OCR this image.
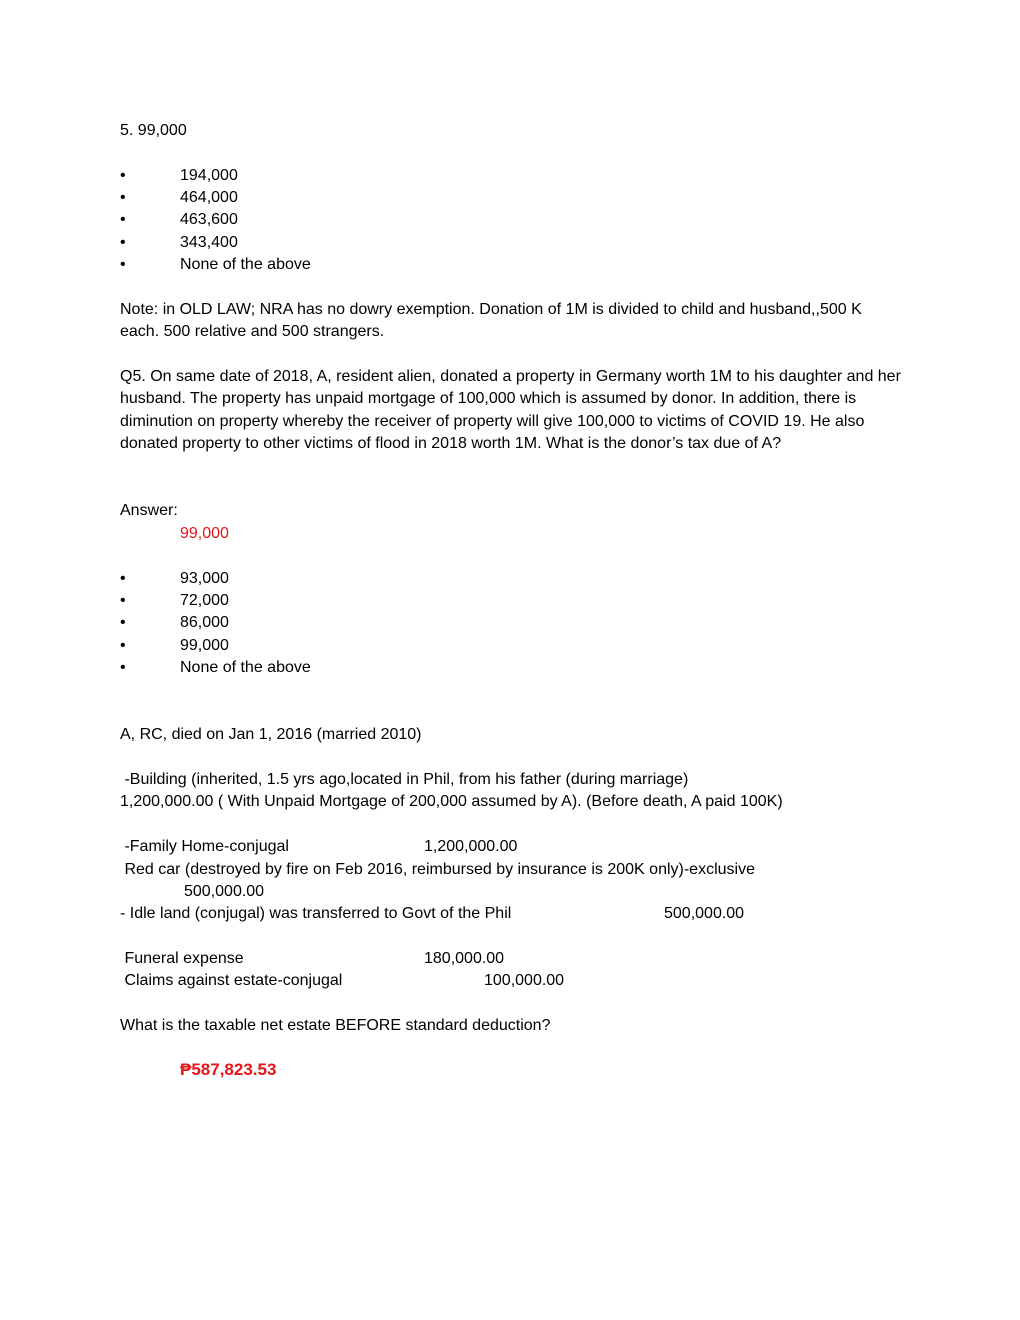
5. 99,000
•	194,000
•	464,000
•	463,600
•	343,400
•	None of the above
Note: in OLD LAW; NRA has no dowry exemption. Donation of 1M is divided to child and husband,,500 K each. 500 relative and 500 strangers.
Q5. On same date of 2018, A, resident alien, donated a property in Germany worth 1M to his daughter and her husband. The property has unpaid mortgage of 100,000 which is assumed by donor. In addition, there is diminution on property whereby the receiver of property will give 100,000 to victims of COVID 19. He also donated property to other victims of flood in 2018 worth 1M. What is the donor’s tax due of A?
Answer:
99,000
•	93,000
•	72,000
•	86,000
•	99,000
•	None of the above
A, RC, died on Jan 1, 2016 (married 2010)
-Building (inherited, 1.5 yrs ago,located in Phil, from his father (during marriage)
1,200,000.00 ( With Unpaid Mortgage of 200,000 assumed by A). (Before death, A paid 100K)
-Family Home-conjugal	1,200,000.00
Red car (destroyed by fire on Feb 2016, reimbursed by insurance is 200K only)-exclusive
500,000.00
- Idle land (conjugal) was transferred to Govt of the Phil	500,000.00
Funeral expense	180,000.00
Claims against estate-conjugal	100,000.00
What is the taxable net estate BEFORE standard deduction?
₱587,823.53
